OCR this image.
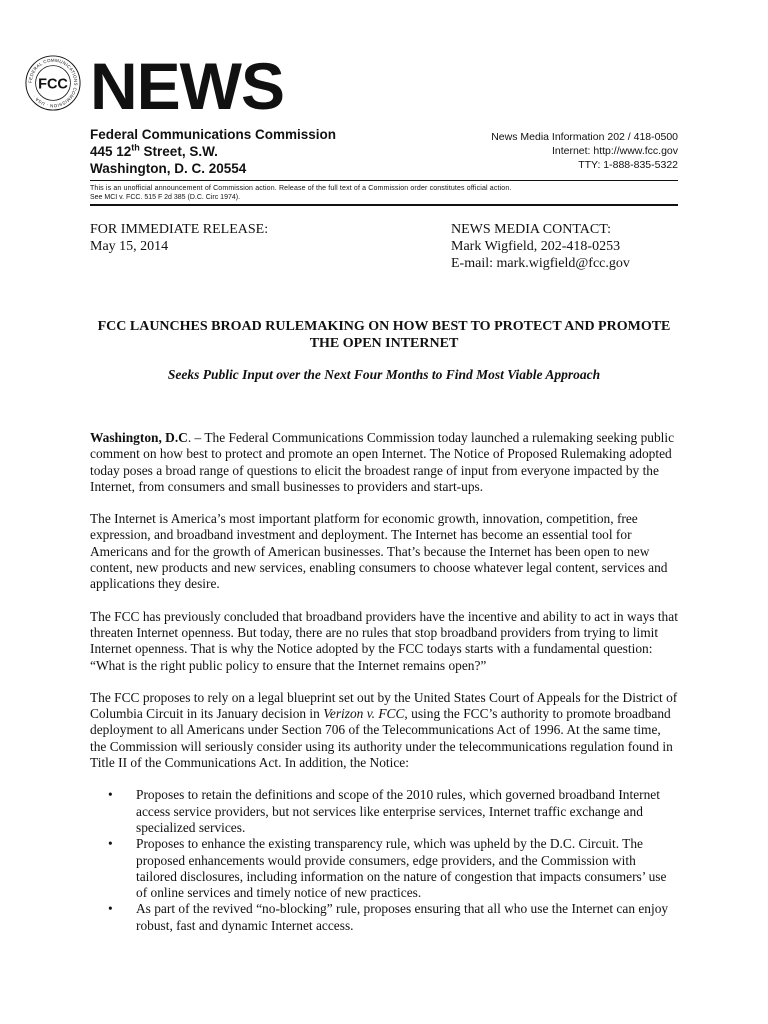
FEDERAL COMMUNICATIONS COMMISSION · USA ·
FCC NEWS
Federal Communications Commission
445 12th Street, S.W.
Washington, D. C. 20554
News Media Information 202 / 418-0500
Internet: http://www.fcc.gov
TTY: 1-888-835-5322
This is an unofficial announcement of Commission action. Release of the full text of a Commission order constitutes official action.
See MCI v. FCC. 515 F 2d 385 (D.C. Circ 1974).
FOR IMMEDIATE RELEASE:
May 15, 2014
NEWS MEDIA CONTACT:
Mark Wigfield, 202-418-0253
E-mail: mark.wigfield@fcc.gov
FCC LAUNCHES BROAD RULEMAKING ON HOW BEST TO PROTECT AND PROMOTE
THE OPEN INTERNET
Seeks Public Input over the Next Four Months to Find Most Viable Approach

Washington, D.C. – The Federal Communications Commission today launched a rulemaking seeking public comment on how best to protect and promote an open Internet. The Notice of Proposed Rulemaking adopted today poses a broad range of questions to elicit the broadest range of input from everyone impacted by the Internet, from consumers and small businesses to providers and start-ups.

The Internet is America’s most important platform for economic growth, innovation, competition, free expression, and broadband investment and deployment. The Internet has become an essential tool for Americans and for the growth of American businesses. That’s because the Internet has been open to new content, new products and new services, enabling consumers to choose whatever legal content, services and applications they desire.

The FCC has previously concluded that broadband providers have the incentive and ability to act in ways that threaten Internet openness. But today, there are no rules that stop broadband providers from trying to limit Internet openness. That is why the Notice adopted by the FCC todays starts with a fundamental question: “What is the right public policy to ensure that the Internet remains open?”

The FCC proposes to rely on a legal blueprint set out by the United States Court of Appeals for the District of Columbia Circuit in its January decision in Verizon v. FCC, using the FCC’s authority to promote broadband deployment to all Americans under Section 706 of the Telecommunications Act of 1996. At the same time, the Commission will seriously consider using its authority under the telecommunications regulation found in Title II of the Communications Act. In addition, the Notice:

• Proposes to retain the definitions and scope of the 2010 rules, which governed broadband Internet access service providers, but not services like enterprise services, Internet traffic exchange and specialized services.
• Proposes to enhance the existing transparency rule, which was upheld by the D.C. Circuit. The proposed enhancements would provide consumers, edge providers, and the Commission with tailored disclosures, including information on the nature of congestion that impacts consumers’ use of online services and timely notice of new practices.
• As part of the revived “no-blocking” rule, proposes ensuring that all who use the Internet can enjoy robust, fast and dynamic Internet access.
